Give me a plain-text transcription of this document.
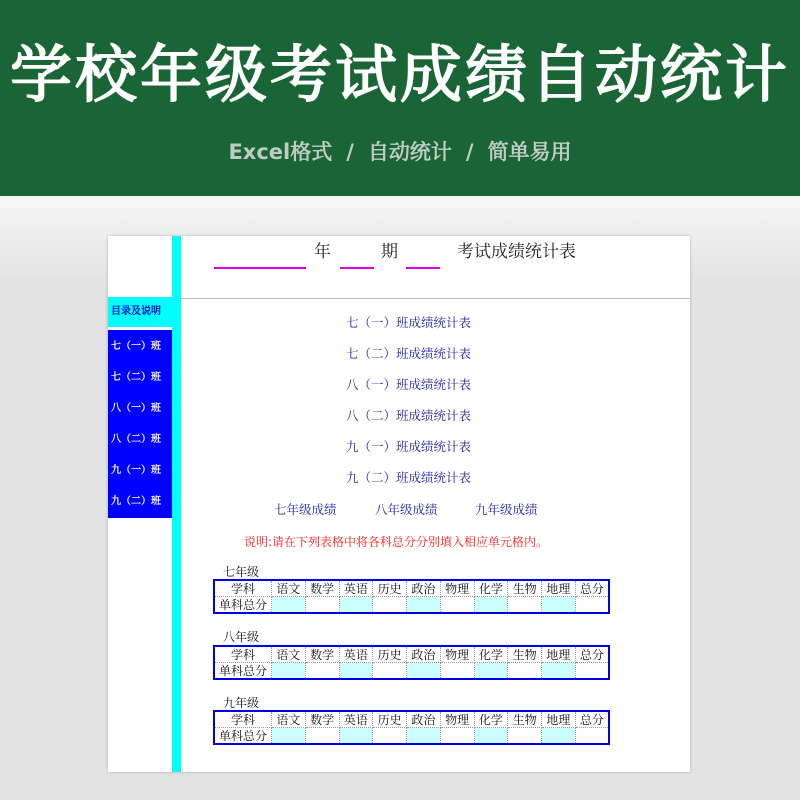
学校年级考试成绩自动统计
Excel格式 / 自动统计 / 简单易用
年	期	考试成绩统计表
目录及说明
七（一）班
七（二）班
八（一）班
八（二）班
九（一）班
九（二）班
七（一）班成绩统计表
七（二）班成绩统计表
八（一）班成绩统计表
八（二）班成绩统计表
九（一）班成绩统计表
九（二）班成绩统计表
七年级成绩	八年级成绩	九年级成绩
说明:请在下列表格中将各科总分分别填入相应单元格内。
七年级
学科	语文	数学	英语	历史	政治	物理	化学	生物	地理	总分
单科总分										
八年级
学科	语文	数学	英语	历史	政治	物理	化学	生物	地理	总分
单科总分										
九年级
学科	语文	数学	英语	历史	政治	物理	化学	生物	地理	总分
单科总分										
